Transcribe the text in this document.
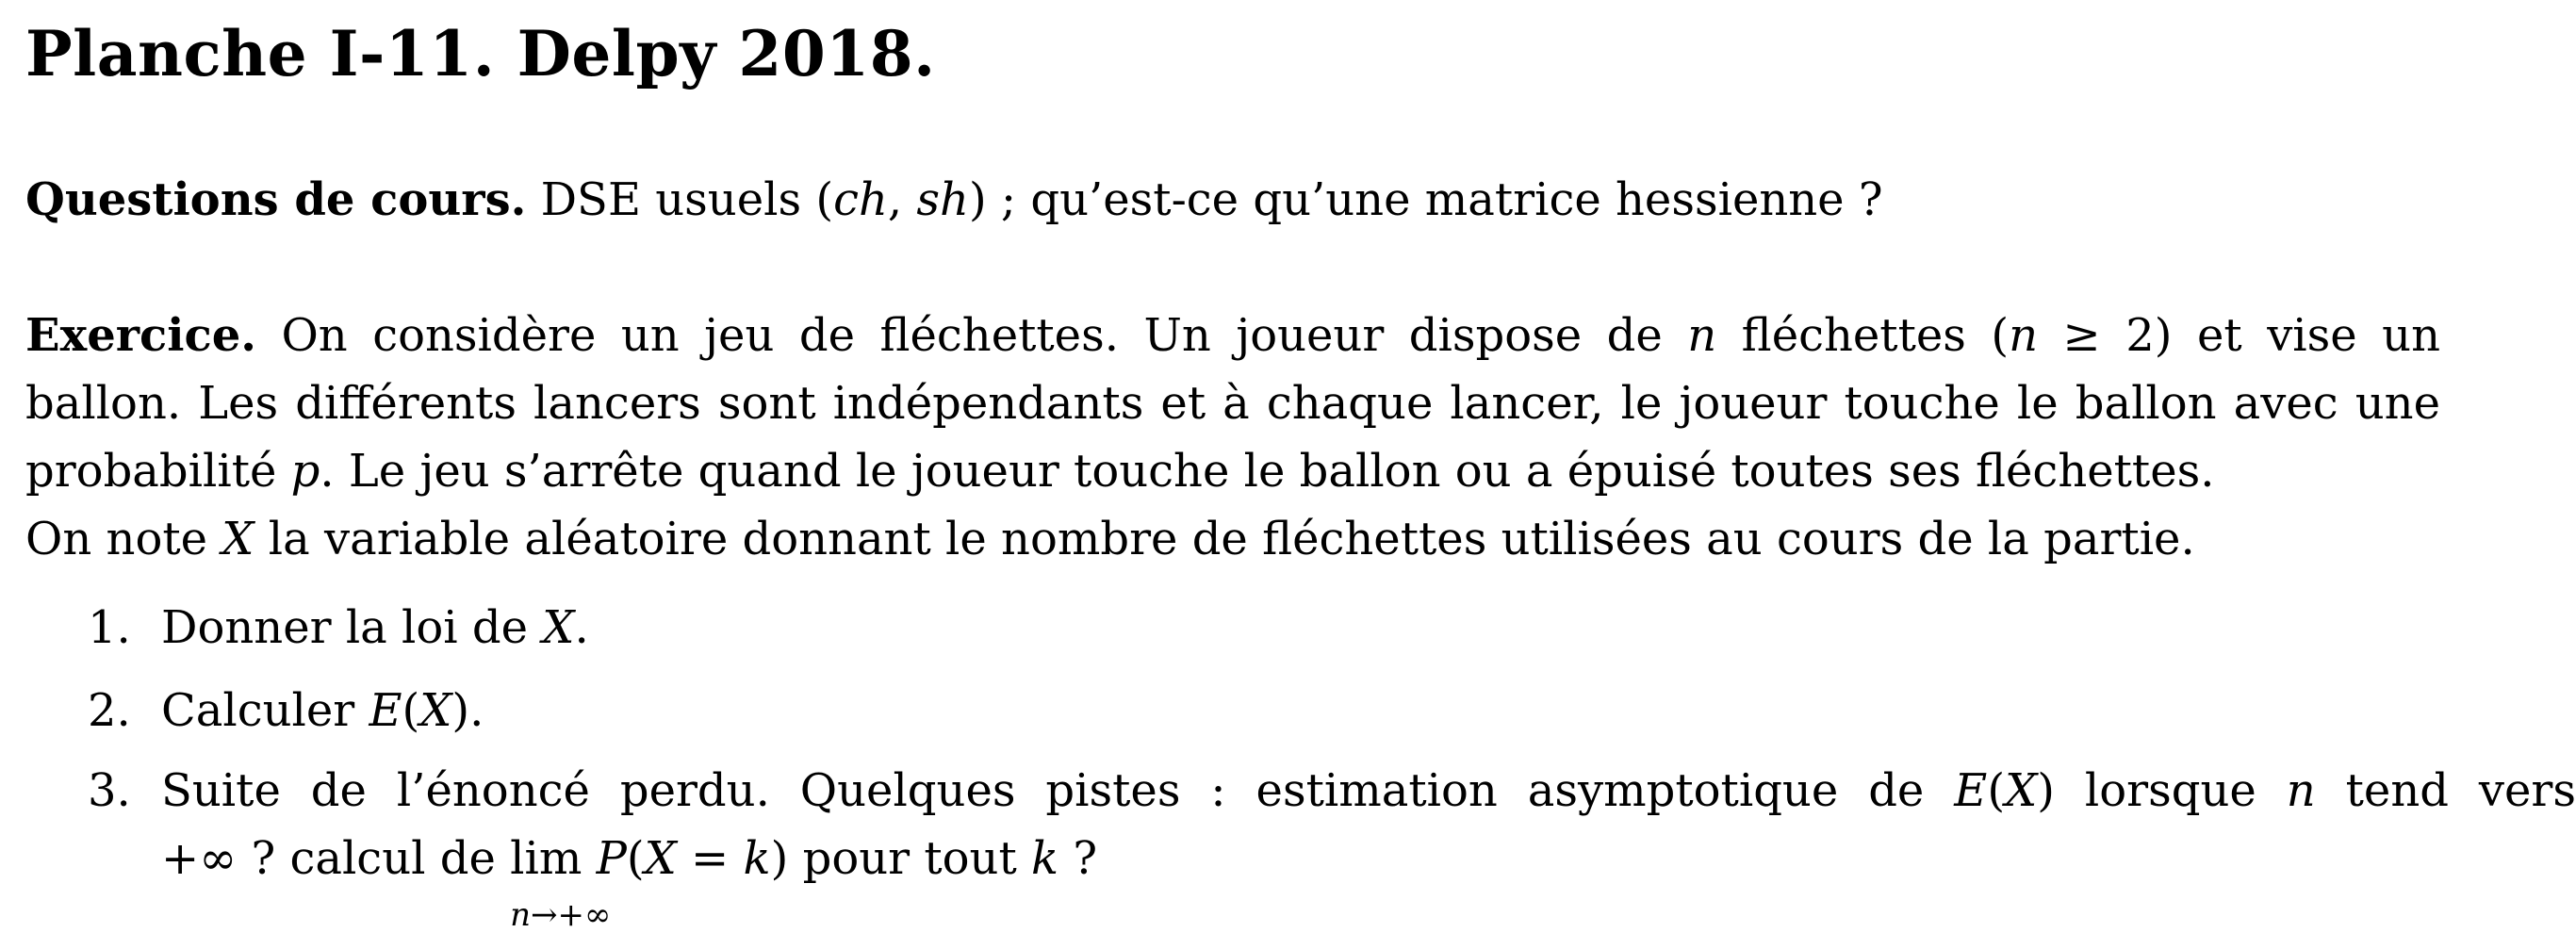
Planche I-11. Delpy 2018.
Questions de cours. DSE usuels (ch, sh) ; qu’est-ce qu’une matrice hessienne ?
Exercice. On considère un jeu de fléchettes. Un joueur dispose de n fléchettes (n ≥ 2) et vise un
ballon. Les différents lancers sont indépendants et à chaque lancer, le joueur touche le ballon avec une
probabilité p. Le jeu s’arrête quand le joueur touche le ballon ou a épuisé toutes ses fléchettes.
On note X la variable aléatoire donnant le nombre de fléchettes utilisées au cours de la partie.
1. Donner la loi de X.
2. Calculer E(X).
3. Suite de l’énoncé perdu. Quelques pistes : estimation asymptotique de E(X) lorsque n tend vers
+∞ ? calcul de lim
n→+∞
P(X = k) pour tout k ?
